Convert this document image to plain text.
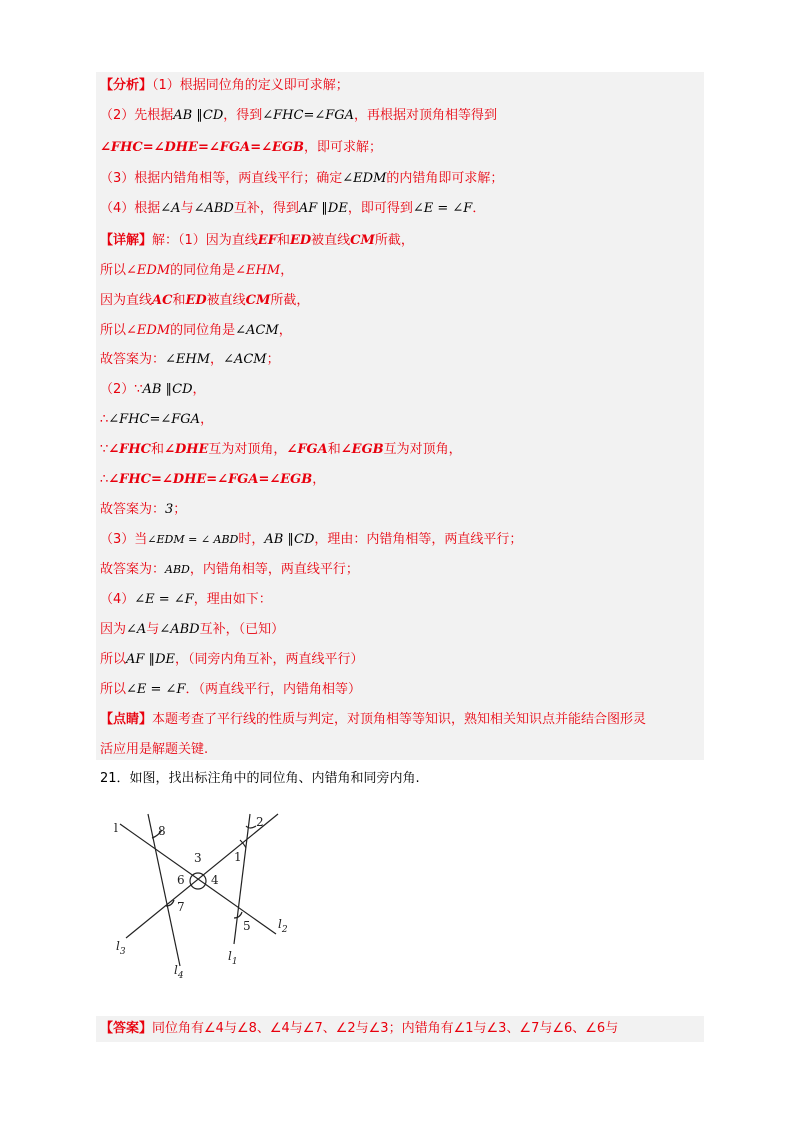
【分析】（1）根据同位角的定义即可求解；
（2）先根据AB ∥CD，得到∠FHC=∠FGA，再根据对顶角相等得到
∠FHC=∠DHE=∠FGA=∠EGB，即可求解；
（3）根据内错角相等，两直线平行；确定∠EDM的内错角即可求解；
（4）根据∠A与∠ABD互补，得到AF ∥DE，即可得到∠E = ∠F．
【详解】解：（1）因为直线EF和ED被直线CM所截，
所以∠EDM的同位角是∠EHM，
因为直线AC和ED被直线CM所截，
所以∠EDM的同位角是∠ACM，
故答案为：∠EHM，∠ACM；
（2）∵AB ∥CD，
∴∠FHC=∠FGA，
∵∠FHC和∠DHE互为对顶角，∠FGA和∠EGB互为对顶角，
∴∠FHC=∠DHE=∠FGA=∠EGB，
故答案为：3；
（3）当∠EDM = ∠ ABD时，AB ∥CD，理由：内错角相等，两直线平行；
故答案为：ABD，内错角相等，两直线平行；
（4）∠E = ∠F，理由如下：
因为∠A与∠ABD互补，（已知）
所以AF ∥DE，（同旁内角互补，两直线平行）
所以∠E = ∠F．（两直线平行，内错角相等）
【点睛】本题考查了平行线的性质与判定，对顶角相等等知识，熟知相关知识点并能结合图形灵
活应用是解题关键.
21．如图，找出标注角中的同位角、内错角和同旁内角.
l	8
2
1
3
6 4
7
5 $l_2$
$l_3$	$l_1$
$l_4$
【答案】同位角有∠4与∠8、∠4与∠7、∠2与∠3；内错角有∠1与∠3、∠7与∠6、∠6与
